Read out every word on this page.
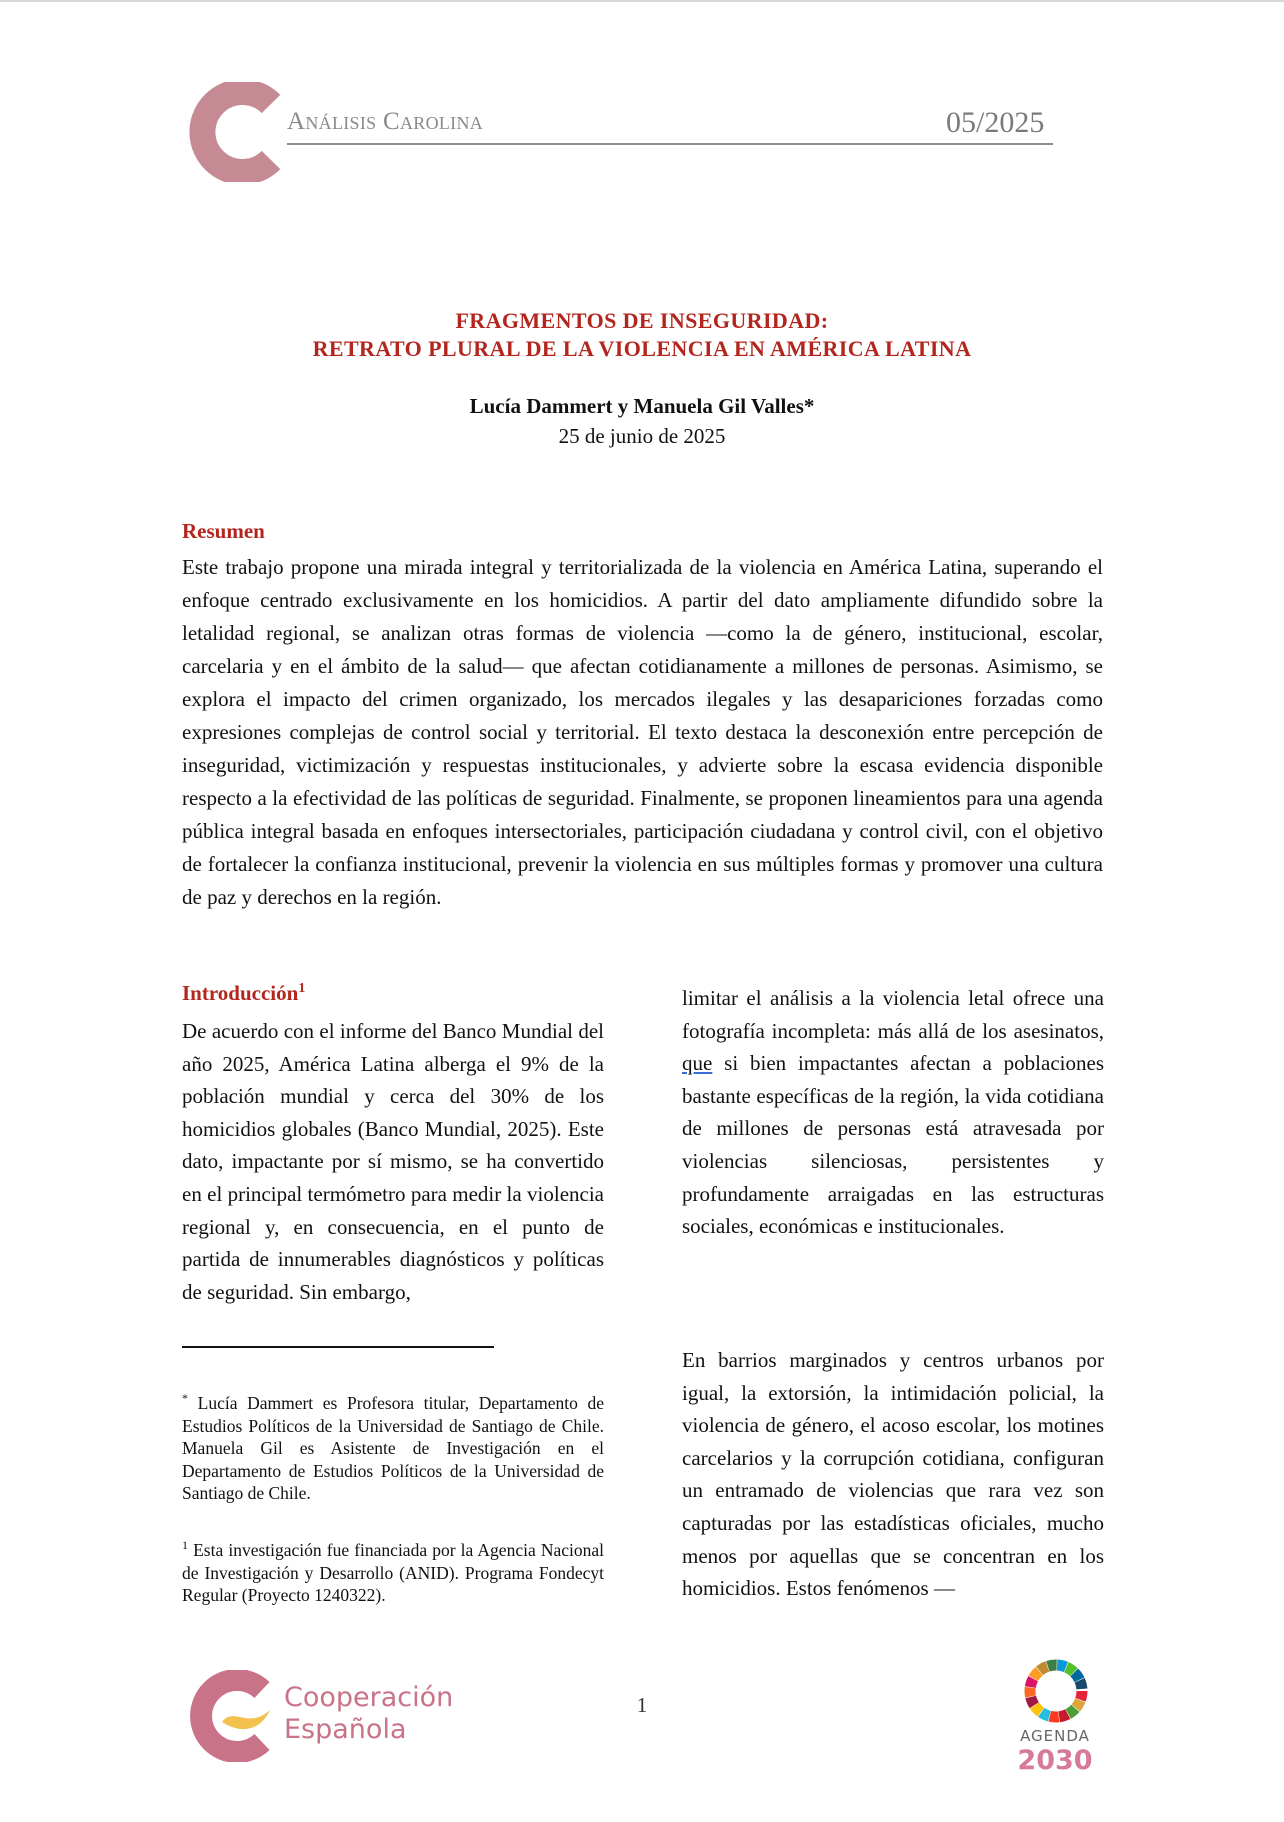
Análisis Carolina	05/2025
FRAGMENTOS DE INSEGURIDAD:
RETRATO PLURAL DE LA VIOLENCIA EN AMÉRICA LATINA
Lucía Dammert y Manuela Gil Valles*
25 de junio de 2025
Resumen

Este trabajo propone una mirada integral y territorializada de la violencia en América Latina, superando el enfoque centrado exclusivamente en los homicidios. A partir del dato ampliamente difundido sobre la letalidad regional, se analizan otras formas de violencia —como la de género, institucional, escolar, carcelaria y en el ámbito de la salud— que afectan cotidianamente a millones de personas. Asimismo, se explora el impacto del crimen organizado, los mercados ilegales y las desapariciones forzadas como expresiones complejas de control social y territorial. El texto destaca la desconexión entre percepción de inseguridad, victimización y respuestas institucionales, y advierte sobre la escasa evidencia disponible respecto a la efectividad de las políticas de seguridad. Finalmente, se proponen lineamientos para una agenda pública integral basada en enfoques intersectoriales, participación ciudadana y control civil, con el objetivo de fortalecer la confianza institucional, prevenir la violencia en sus múltiples formas y promover una cultura de paz y derechos en la región.

Introducción$^1$

De acuerdo con el informe del Banco Mundial del año 2025, América Latina alberga el 9% de la población mundial y cerca del 30% de los homicidios globales (Banco Mundial, 2025). Este dato, impactante por sí mismo, se ha convertido en el principal termómetro para medir la violencia regional y, en consecuencia, en el punto de partida de innumerables diagnósticos y políticas de seguridad. Sin embargo,

limitar el análisis a la violencia letal ofrece una fotografía incompleta: más allá de los asesinatos, que si bien impactantes afectan a poblaciones bastante específicas de la región, la vida cotidiana de millones de personas está atravesada por violencias silenciosas, persistentes y profundamente arraigadas en las estructuras sociales, económicas e institucionales.

En barrios marginados y centros urbanos por igual, la extorsión, la intimidación policial, la violencia de género, el acoso escolar, los motines carcelarios y la corrupción cotidiana, configuran un entramado de violencias que rara vez son capturadas por las estadísticas oficiales, mucho menos por aquellas que se concentran en los homicidios. Estos fenómenos —

* Lucía Dammert es Profesora titular, Departamento de Estudios Políticos de la Universidad de Santiago de Chile. Manuela Gil es Asistente de Investigación en el Departamento de Estudios Políticos de la Universidad de Santiago de Chile.

$^1$ Esta investigación fue financiada por la Agencia Nacional de Investigación y Desarrollo (ANID). Programa Fondecyt Regular (Proyecto 1240322).

Cooperación
Española
1
AGENDA
2030
